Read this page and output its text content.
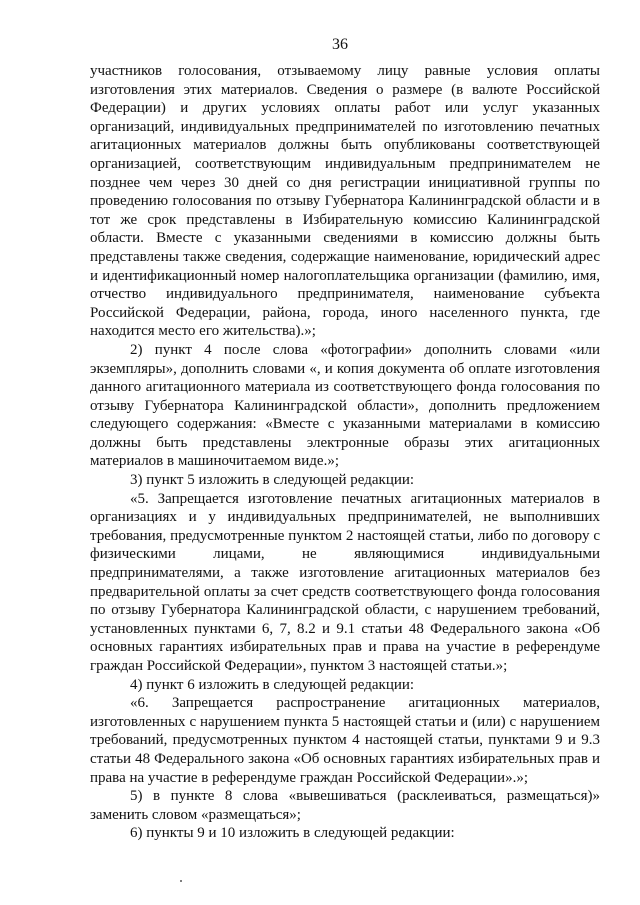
36

участников голосования, отзываемому лицу равные условия оплаты изготовления этих материалов. Сведения о размере (в валюте Российской Федерации) и других условиях оплаты работ или услуг указанных организаций, индивидуальных предпринимателей по изготовлению печатных агитационных материалов должны быть опубликованы соответствующей организацией, соответствующим индивидуальным предпринимателем не позднее чем через 30 дней со дня регистрации инициативной группы по проведению голосования по отзыву Губернатора Калининградской области и в тот же срок представлены в Избирательную комиссию Калининградской области. Вместе с указанными сведениями в комиссию должны быть представлены также сведения, содержащие наименование, юридический адрес и идентификационный номер налогоплательщика организации (фамилию, имя, отчество индивидуального предпринимателя, наименование субъекта Российской Федерации, района, города, иного населенного пункта, где находится место его жительства).»;

2) пункт 4 после слова «фотографии» дополнить словами «или экземпляры», дополнить словами «, и копия документа об оплате изготовления данного агитационного материала из соответствующего фонда голосования по отзыву Губернатора Калининградской области», дополнить предложением следующего содержания: «Вместе с указанными материалами в комиссию должны быть представлены электронные образы этих агитационных материалов в машиночитаемом виде.»;

3) пункт 5 изложить в следующей редакции:

«5. Запрещается изготовление печатных агитационных материалов в организациях и у индивидуальных предпринимателей, не выполнивших требования, предусмотренные пунктом 2 настоящей статьи, либо по договору с физическими лицами, не являющимися индивидуальными предпринимателями, а также изготовление агитационных материалов без предварительной оплаты за счет средств соответствующего фонда голосования по отзыву Губернатора Калининградской области, с нарушением требований, установленных пунктами 6, 7, 8.2 и 9.1 статьи 48 Федерального закона «Об основных гарантиях избирательных прав и права на участие в референдуме граждан Российской Федерации», пунктом 3 настоящей статьи.»;

4) пункт 6 изложить в следующей редакции:

«6. Запрещается распространение агитационных материалов, изготовленных с нарушением пункта 5 настоящей статьи и (или) с нарушением требований, предусмотренных пунктом 4 настоящей статьи, пунктами 9 и 9.3 статьи 48 Федерального закона «Об основных гарантиях избирательных прав и права на участие в референдуме граждан Российской Федерации».»;

5) в пункте 8 слова «вывешиваться (расклеиваться, размещаться)» заменить словом «размещаться»;

6) пункты 9 и 10 изложить в следующей редакции:
